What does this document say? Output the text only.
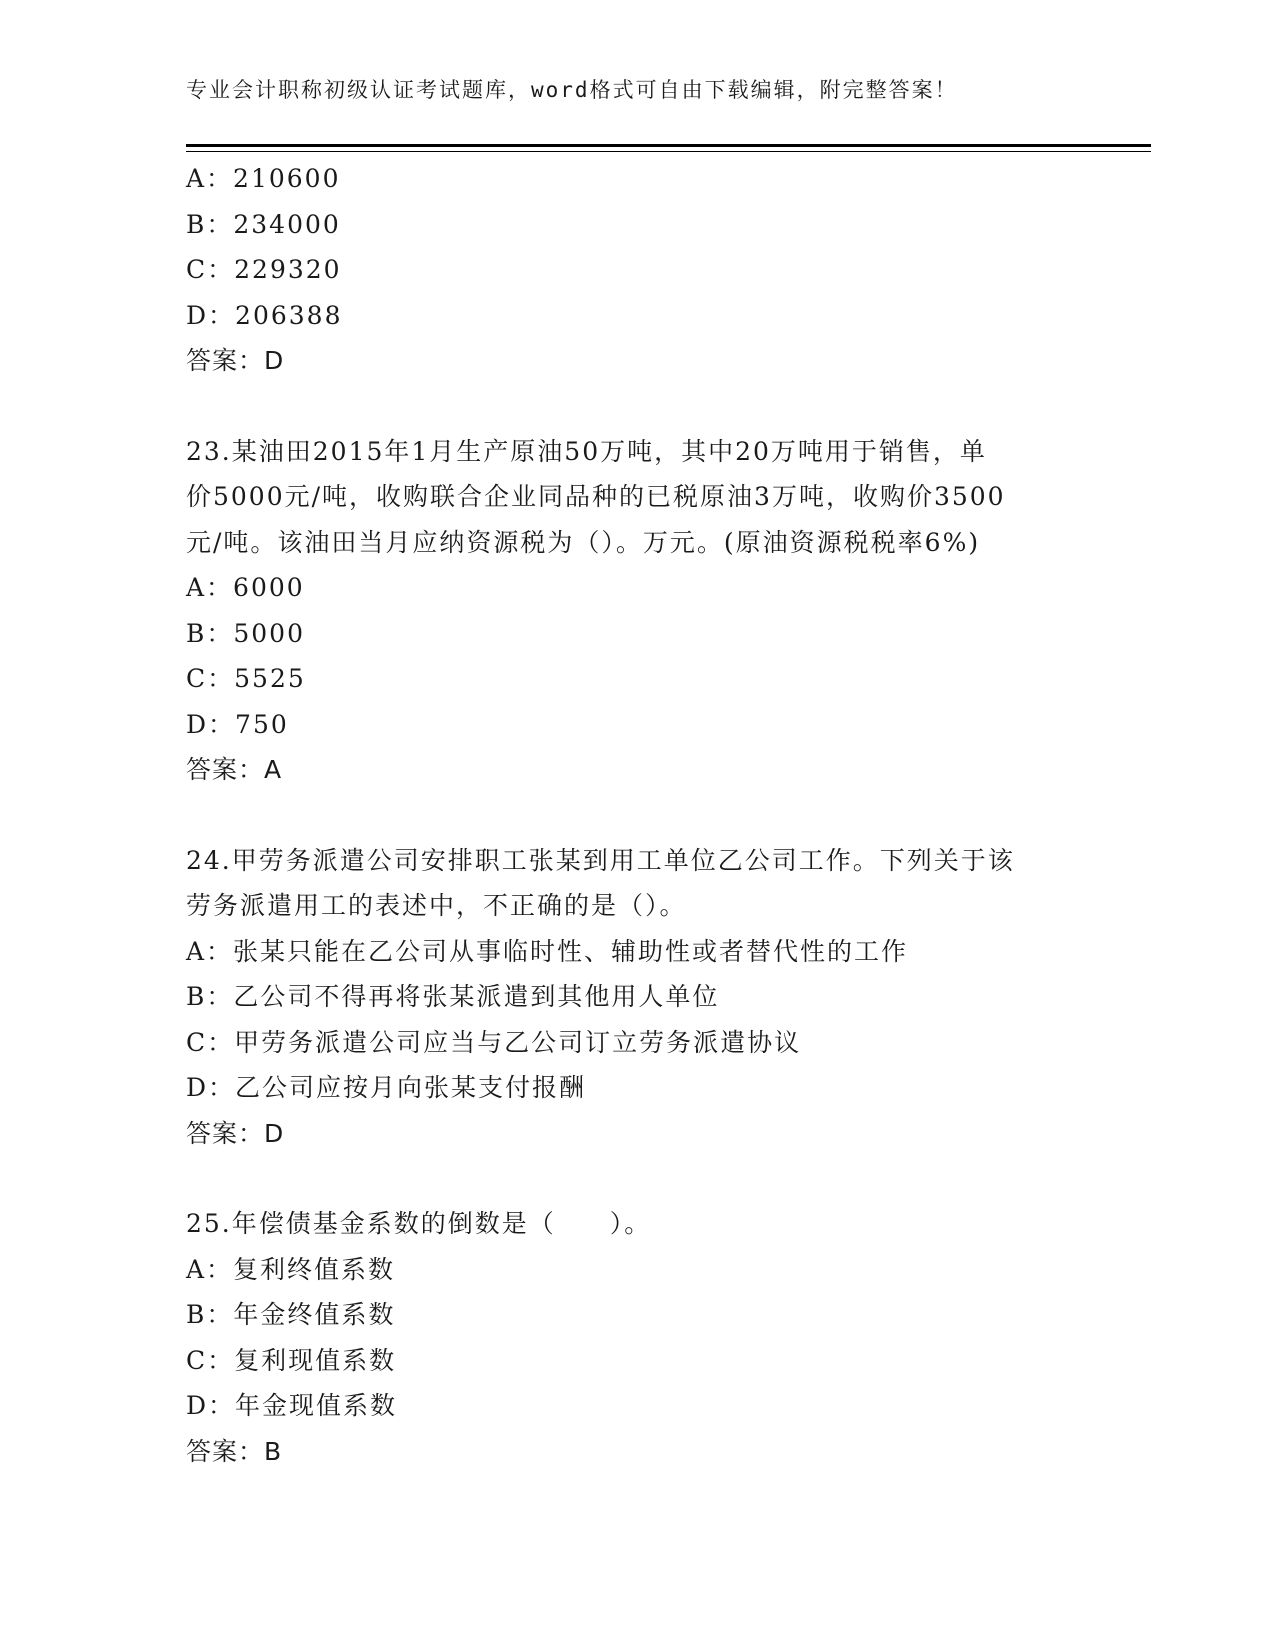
专业会计职称初级认证考试题库，word格式可自由下载编辑，附完整答案！
A：210600
B：234000
C：229320
D：206388
答案：D
23.某油田2015年1月生产原油50万吨，其中20万吨用于销售，单
价5000元/吨，收购联合企业同品种的已税原油3万吨，收购价3500
元/吨。该油田当月应纳资源税为（）。万元。(原油资源税税率6%)
A：6000
B：5000
C：5525
D：750
答案：A
24.甲劳务派遣公司安排职工张某到用工单位乙公司工作。下列关于该
劳务派遣用工的表述中，不正确的是（）。
A：张某只能在乙公司从事临时性、辅助性或者替代性的工作
B：乙公司不得再将张某派遣到其他用人单位
C：甲劳务派遣公司应当与乙公司订立劳务派遣协议
D：乙公司应按月向张某支付报酬
答案：D
25.年偿债基金系数的倒数是（　　）。
A：复利终值系数
B：年金终值系数
C：复利现值系数
D：年金现值系数
答案：B
